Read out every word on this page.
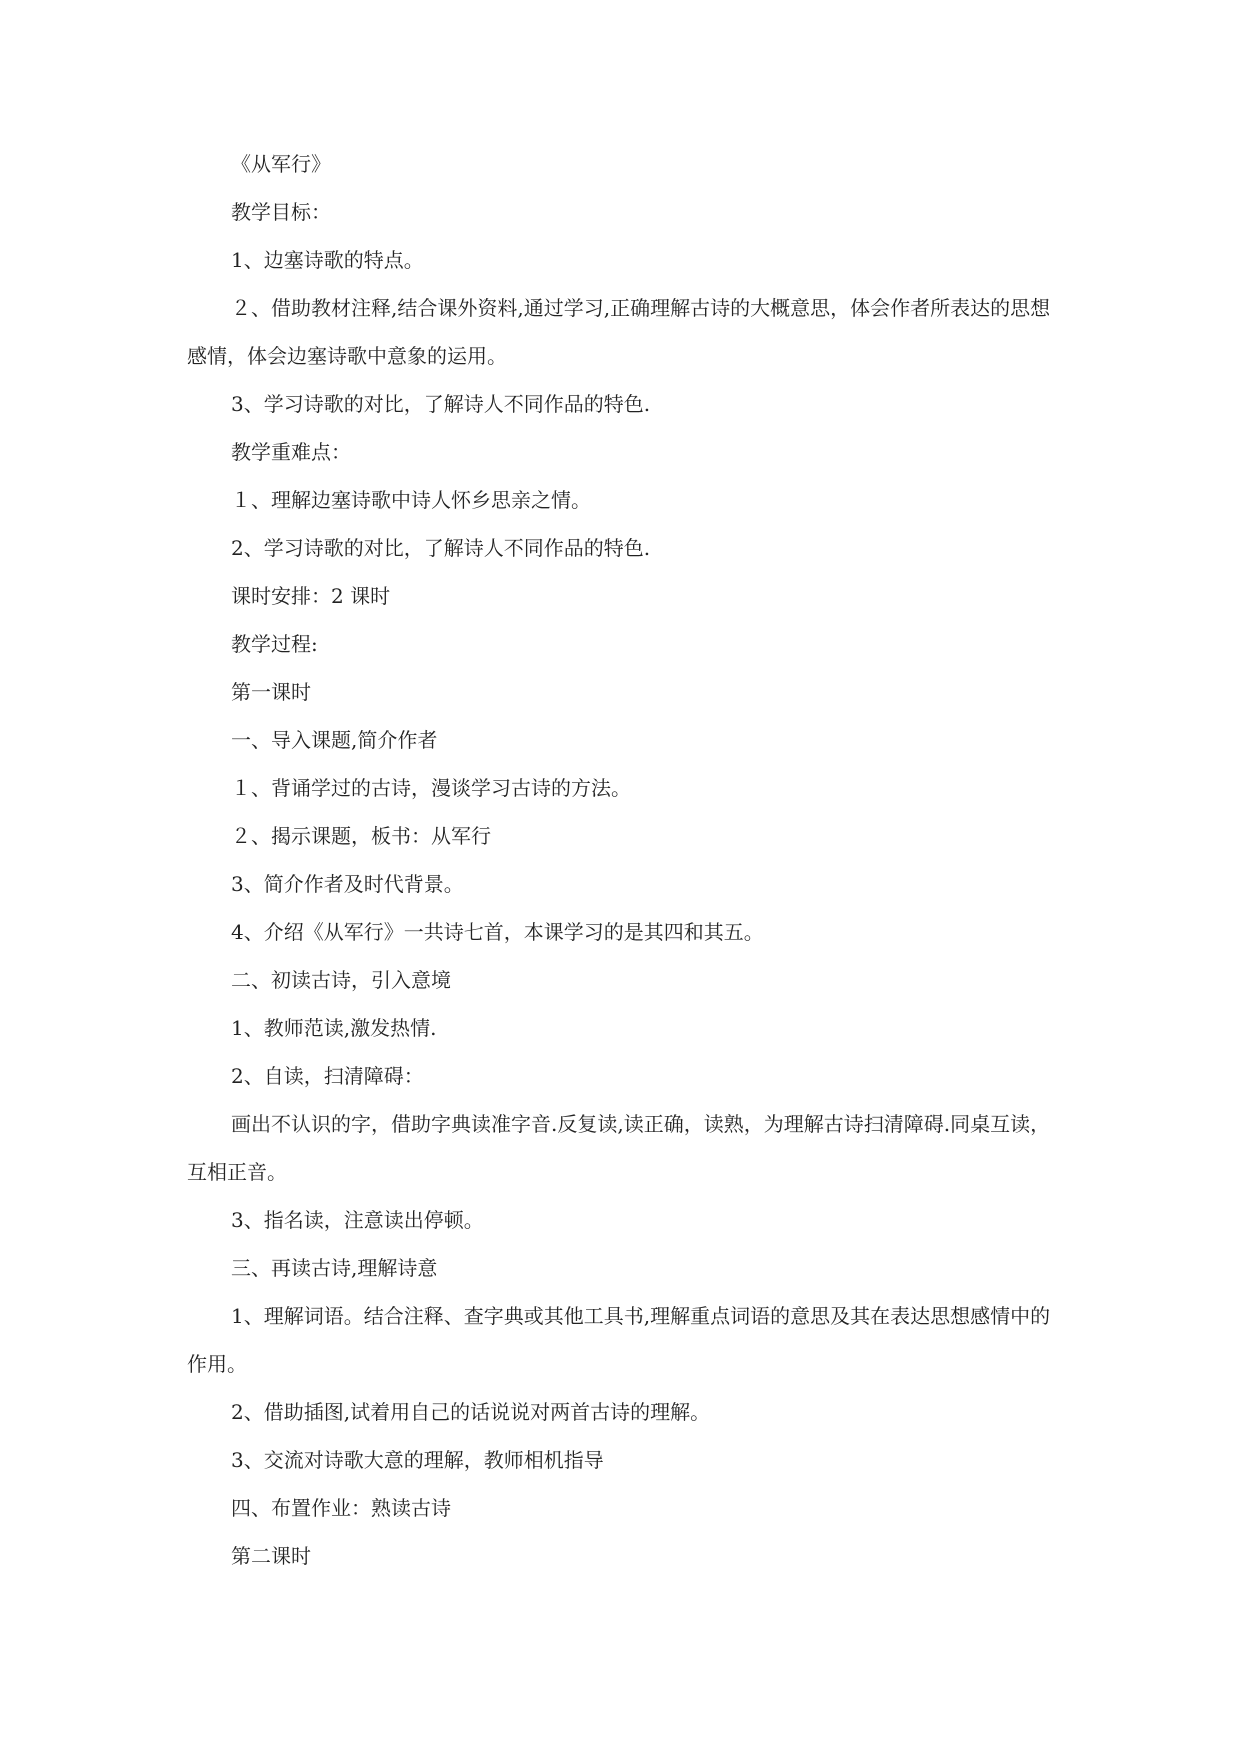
《从军行》

教学目标：

1、边塞诗歌的特点。

２、借助教材注释,结合课外资料,通过学习,正确理解古诗的大概意思，体会作者所表达的思想感情，体会边塞诗歌中意象的运用。

3、学习诗歌的对比，了解诗人不同作品的特色.

教学重难点：

１、理解边塞诗歌中诗人怀乡思亲之情。

2、学习诗歌的对比，了解诗人不同作品的特色.

课时安排：2 课时

教学过程:

第一课时

一、导入课题,简介作者

１、背诵学过的古诗，漫谈学习古诗的方法。

２、揭示课题，板书：从军行

3、简介作者及时代背景。

4、介绍《从军行》一共诗七首，本课学习的是其四和其五。

二、初读古诗，引入意境

1、教师范读,激发热情.

2、自读，扫清障碍：

画出不认识的字，借助字典读准字音.反复读,读正确，读熟，为理解古诗扫清障碍.同桌互读，互相正音。

3、指名读，注意读出停顿。

三、再读古诗,理解诗意

1、理解词语。结合注释、查字典或其他工具书,理解重点词语的意思及其在表达思想感情中的作用。

2、借助插图,试着用自己的话说说对两首古诗的理解。

3、交流对诗歌大意的理解，教师相机指导

四、布置作业：熟读古诗

第二课时
